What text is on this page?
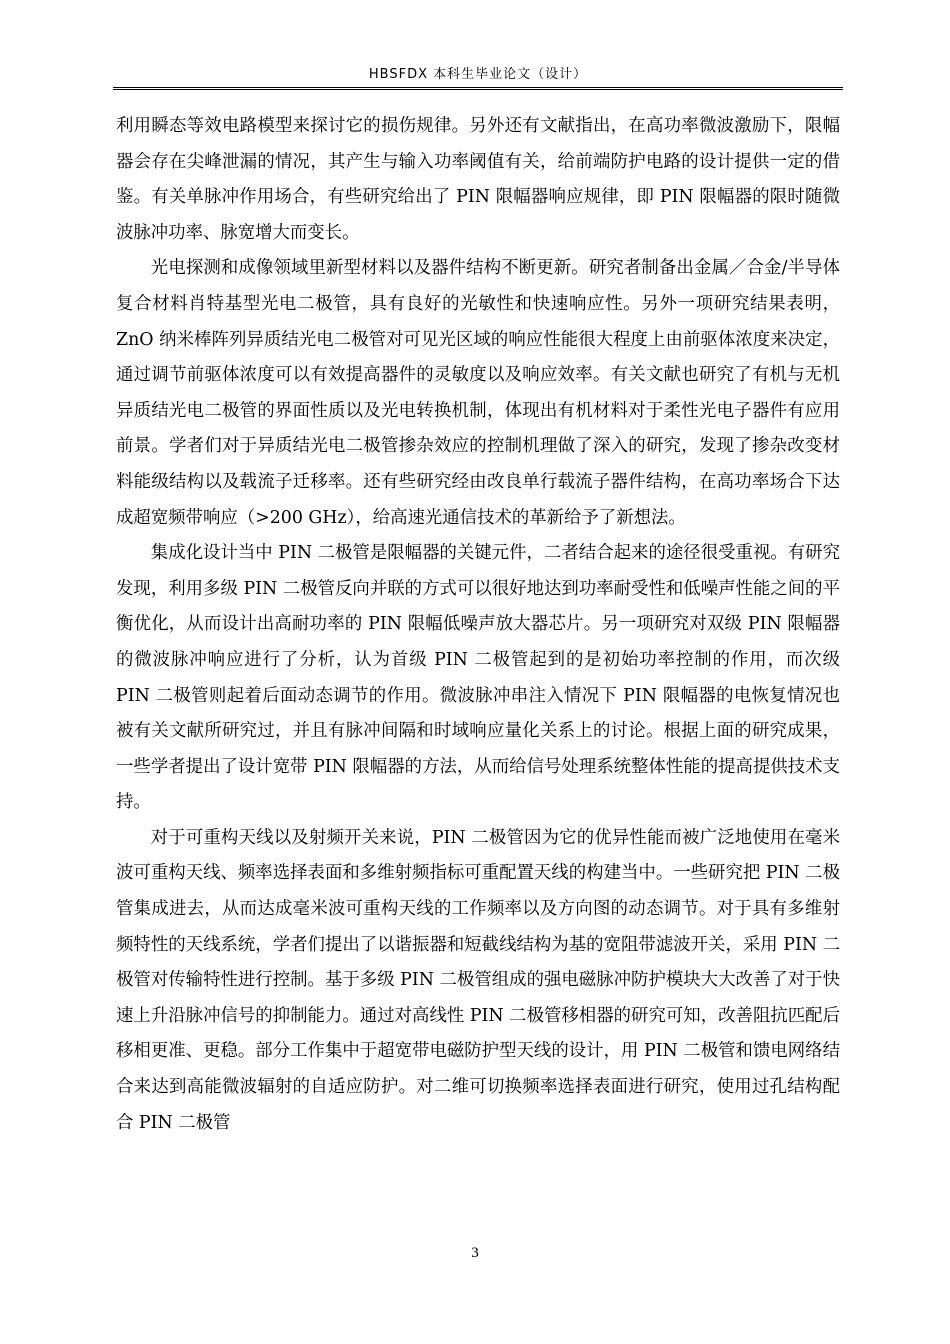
HBSFDX 本科生毕业论文（设计）

利用瞬态等效电路模型来探讨它的损伤规律。另外还有文献指出，在高功率微波激励下，限幅器会存在尖峰泄漏的情况，其产生与输入功率阈值有关，给前端防护电路的设计提供一定的借鉴。有关单脉冲作用场合，有些研究给出了 PIN 限幅器响应规律，即 PIN 限幅器的限时随微波脉冲功率、脉宽增大而变长。

光电探测和成像领域里新型材料以及器件结构不断更新。研究者制备出金属／合金/半导体复合材料肖特基型光电二极管，具有良好的光敏性和快速响应性。另外一项研究结果表明，ZnO 纳米棒阵列异质结光电二极管对可见光区域的响应性能很大程度上由前驱体浓度来决定，通过调节前驱体浓度可以有效提高器件的灵敏度以及响应效率。有关文献也研究了有机与无机异质结光电二极管的界面性质以及光电转换机制，体现出有机材料对于柔性光电子器件有应用前景。学者们对于异质结光电二极管掺杂效应的控制机理做了深入的研究，发现了掺杂改变材料能级结构以及载流子迁移率。还有些研究经由改良单行载流子器件结构，在高功率场合下达成超宽频带响应（>200 GHz），给高速光通信技术的革新给予了新想法。

集成化设计当中 PIN 二极管是限幅器的关键元件，二者结合起来的途径很受重视。有研究发现，利用多级 PIN 二极管反向并联的方式可以很好地达到功率耐受性和低噪声性能之间的平衡优化，从而设计出高耐功率的 PIN 限幅低噪声放大器芯片。另一项研究对双级 PIN 限幅器的微波脉冲响应进行了分析，认为首级 PIN 二极管起到的是初始功率控制的作用，而次级 PIN 二极管则起着后面动态调节的作用。微波脉冲串注入情况下 PIN 限幅器的电恢复情况也被有关文献所研究过，并且有脉冲间隔和时域响应量化关系上的讨论。根据上面的研究成果，一些学者提出了设计宽带 PIN 限幅器的方法，从而给信号处理系统整体性能的提高提供技术支持。

对于可重构天线以及射频开关来说，PIN 二极管因为它的优异性能而被广泛地使用在毫米波可重构天线、频率选择表面和多维射频指标可重配置天线的构建当中。一些研究把 PIN 二极管集成进去，从而达成毫米波可重构天线的工作频率以及方向图的动态调节。对于具有多维射频特性的天线系统，学者们提出了以谐振器和短截线结构为基的宽阻带滤波开关，采用 PIN 二极管对传输特性进行控制。基于多级 PIN 二极管组成的强电磁脉冲防护模块大大改善了对于快速上升沿脉冲信号的抑制能力。通过对高线性 PIN 二极管移相器的研究可知，改善阻抗匹配后移相更准、更稳。部分工作集中于超宽带电磁防护型天线的设计，用 PIN 二极管和馈电网络结合来达到高能微波辐射的自适应防护。对二维可切换频率选择表面进行研究，使用过孔结构配合 PIN 二极管

3
